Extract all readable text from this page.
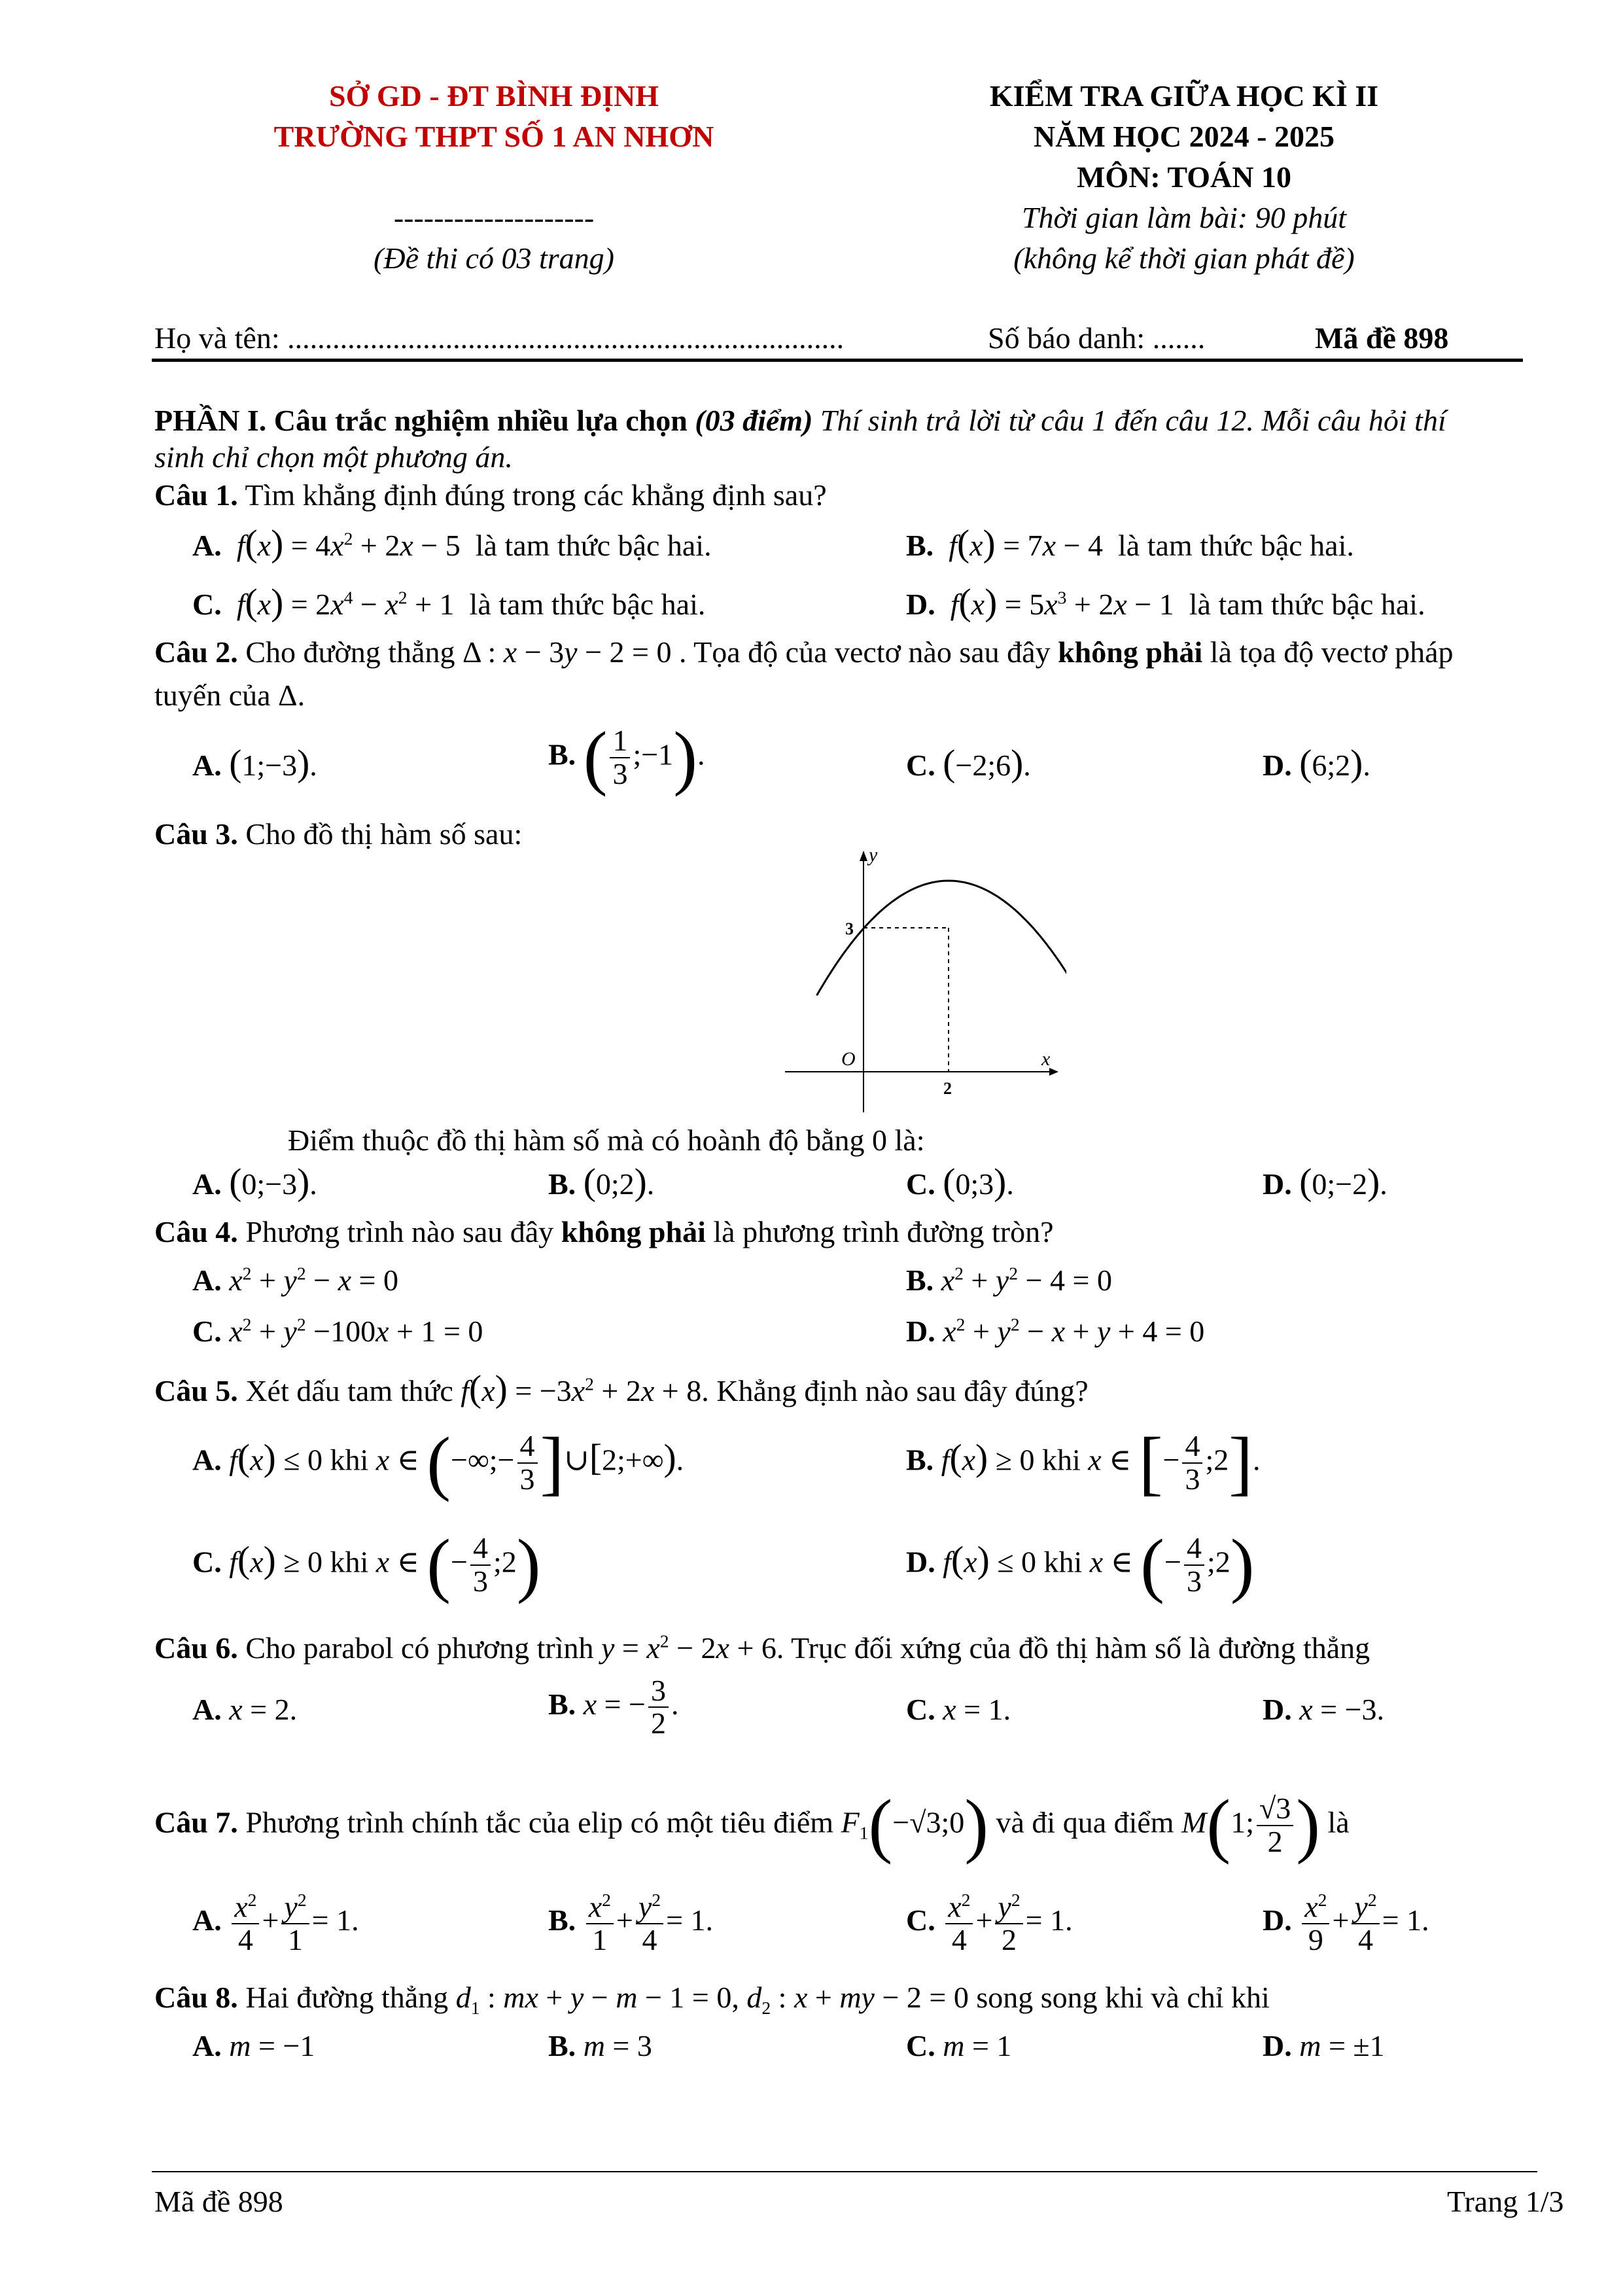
SỞ GD - ĐT BÌNH ĐỊNH
TRƯỜNG THPT SỐ 1 AN NHƠN
--------------------
(Đề thi có 03 trang)
KIỂM TRA GIỮA HỌC KÌ II
NĂM HỌC 2024 - 2025
MÔN: TOÁN 10
Thời gian làm bài: 90 phút
(không kể thời gian phát đề)
Họ và tên: ..........................................................................	Số báo danh: .......	Mã đề 898
PHẦN I. Câu trắc nghiệm nhiều lựa chọn (03 điểm) Thí sinh trả lời từ câu 1 đến câu 12. Mỗi câu hỏi thí
sinh chỉ chọn một phương án.
Câu 1. Tìm khẳng định đúng trong các khẳng định sau?
A. $f(x) = 4x^2 + 2x - 5$  là tam thức bậc hai.	B. f(x) = 7x − 4  là tam thức bậc hai.
C. $f(x) = 2x^4 - x^2 + 1$  là tam thức bậc hai.	D. $f(x) = 5x^3 + 2x - 1$  là tam thức bậc hai.
Câu 2. Cho đường thẳng Δ : x − 3y − 2 = 0 . Tọa độ của vectơ nào sau đây không phải là tọa độ vectơ pháp
tuyến của Δ.
A. (1;−3).	B. ( $\frac{1}{3}$ ;−1).	C. (−2;6).	D. (6;2).
Câu 3. Cho đồ thị hàm số sau:
y
x
O
3
2
Điểm thuộc đồ thị hàm số mà có hoành độ bằng 0 là:
A. (0;−3).	B. (0;2).	C. (0;3).	D. (0;−2).
Câu 4. Phương trình nào sau đây không phải là phương trình đường tròn?
A. $x^2 + y^2 - x = 0$	B. $x^2 + y^2 - 4 = 0$
C. $x^2 + y^2 -100x + 1 = 0$	D. $x^2 + y^2 - x + y + 4 = 0$
Câu 5. Xét dấu tam thức $f(x) = -3x^2 + 2x + 8$. Khẳng định nào sau đây đúng?
A. f(x) ≤ 0 khi x ∈ (−∞;− $\frac{4}{3}$ ]∪[2;+∞).	B. f(x) ≥ 0 khi x ∈ [− $\frac{4}{3}$ ;2].
C. f(x) ≥ 0 khi x ∈ (− $\frac{4}{3}$ ;2)	D. f(x) ≤ 0 khi x ∈ (− $\frac{4}{3}$ ;2)
Câu 6. Cho parabol có phương trình $y = x^2 - 2x + 6$. Trục đối xứng của đồ thị hàm số là đường thẳng
A. x = 2.	B. x = − $\frac{3}{2}$ .	C. x = 1.	D. x = −3.
Câu 7. Phương trình chính tắc của elip có một tiêu điểm $F_1(-√3;0)$ và đi qua điểm M(1; $\frac{√3}{2}$ ) là
A. $\frac{x^2}{4} + \frac{y^2}{1} = 1$.	B. $\frac{x^2}{1} + \frac{y^2}{4} = 1$.	C. $\frac{x^2}{4} + \frac{y^2}{2} = 1$.	D. $\frac{x^2}{9} + \frac{y^2}{4} = 1$.
Câu 8. Hai đường thẳng $d_1$ : mx + y − m − 1 = 0, $d_2$ : x + my − 2 = 0 song song khi và chỉ khi
A. m = −1	B. m = 3	C. m = 1	D. m = ±1
Mã đề 898	Trang 1/3
